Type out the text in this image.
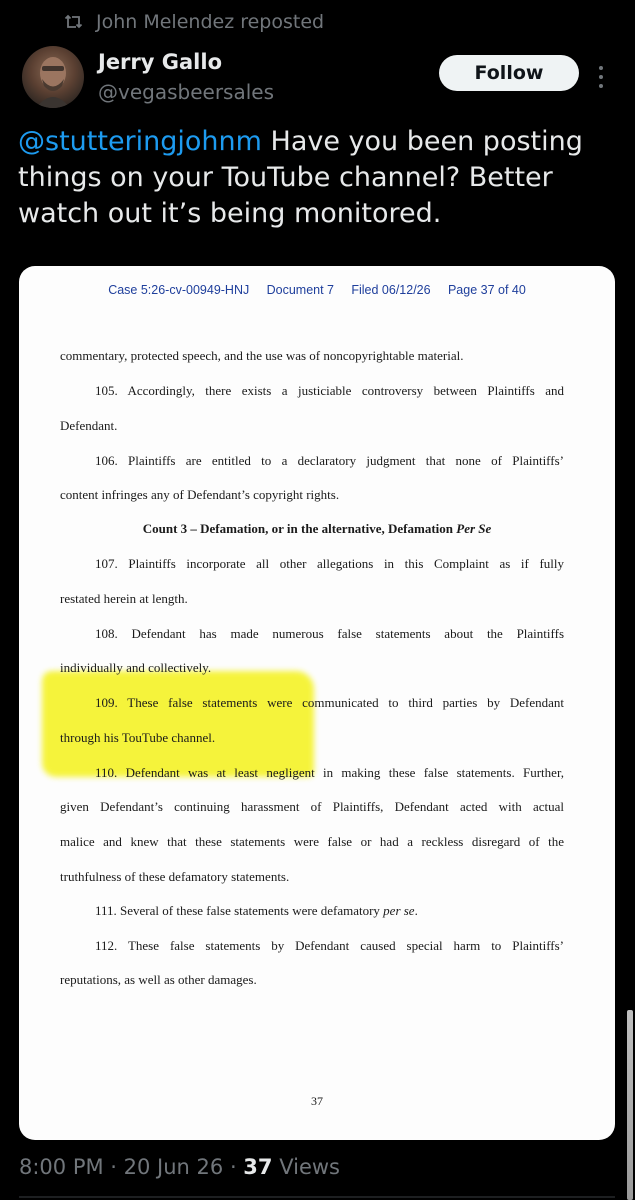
John Melendez reposted
Jerry Gallo
@vegasbeersales
Follow
@stutteringjohnm Have you been posting things on your TouTube channel? Better watch out it’s being monitored.
Case 5:26-cv-00949-HNJ     Document 7     Filed 06/12/26     Page 37 of 40
commentary, protected speech, and the use was of noncopyrightable material.
105. Accordingly, there exists a justiciable controversy between Plaintiffs and
Defendant.
106. Plaintiffs are entitled to a declaratory judgment that none of Plaintiffs’
content infringes any of Defendant’s copyright rights.
Count 3 – Defamation, or in the alternative, Defamation Per Se
107. Plaintiffs incorporate all other allegations in this Complaint as if fully
restated herein at length.
108. Defendant has made numerous false statements about the Plaintiffs
individually and collectively.
109. These false statements were communicated to third parties by Defendant
through his TouTube channel.
110. Defendant was at least negligent in making these false statements. Further,
given Defendant’s continuing harassment of Plaintiffs, Defendant acted with actual
malice and knew that these statements were false or had a reckless disregard of the
truthfulness of these defamatory statements.
111. Several of these false statements were defamatory per se.
112. These false statements by Defendant caused special harm to Plaintiffs’
reputations, as well as other damages.
37
8:00 PM · 20 Jun 26 · 37 Views
